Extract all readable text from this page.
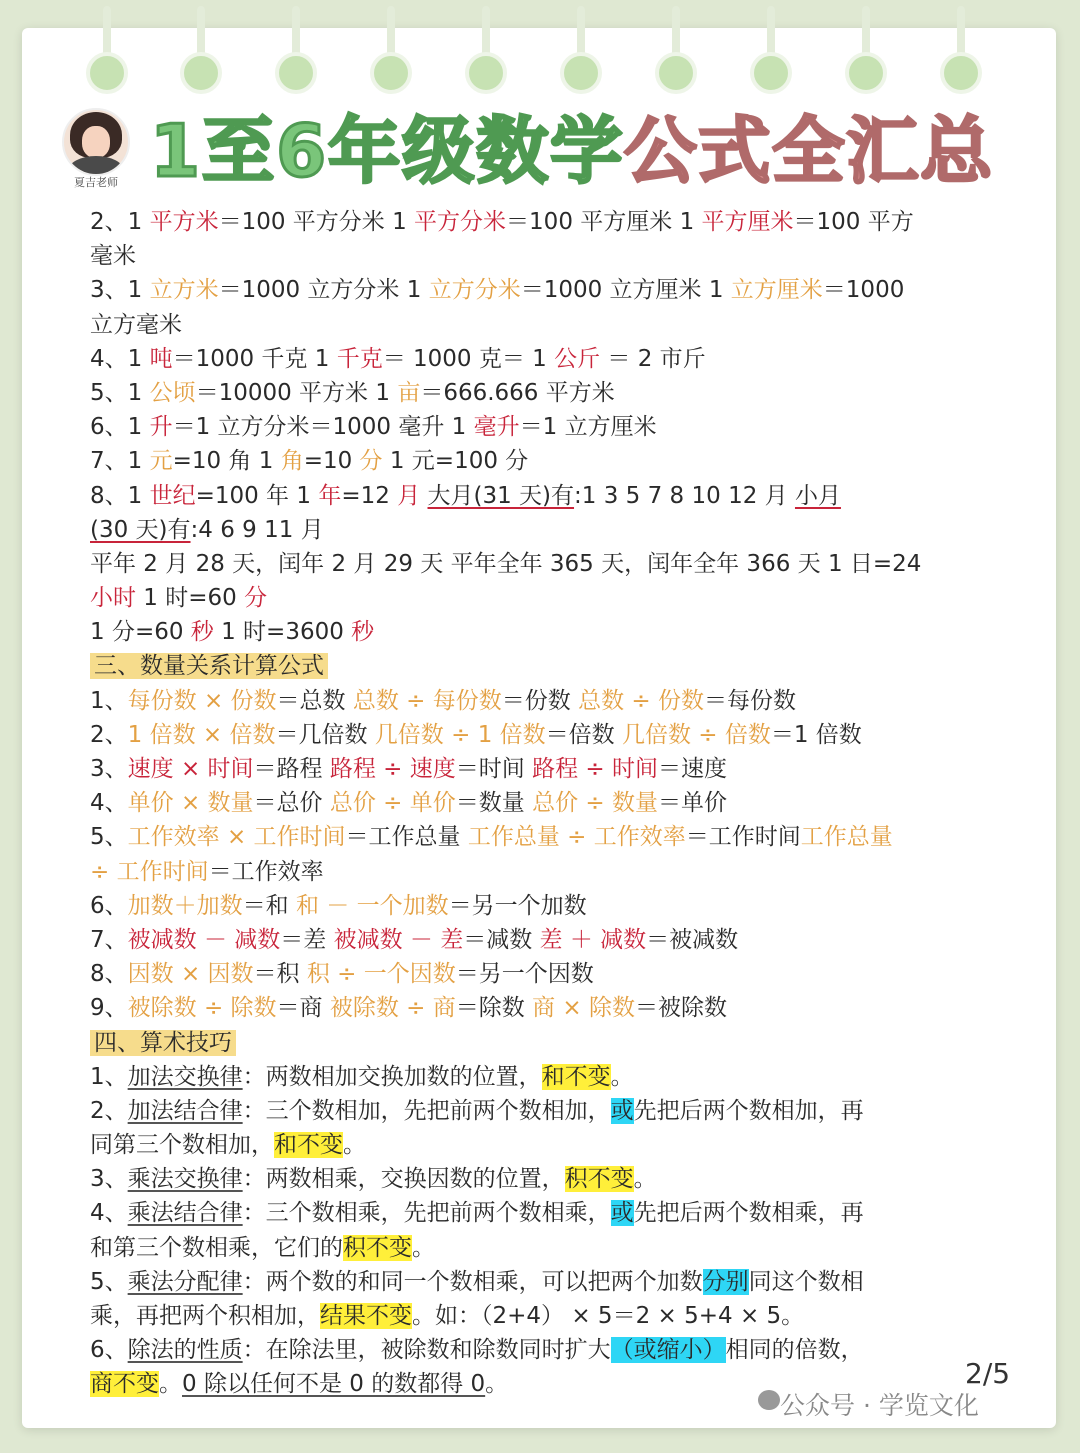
夏吉老师 1至6年级数学公式全汇总
2、1 平方米＝100 平方分米 1 平方分米＝100 平方厘米 1 平方厘米＝100 平方
毫米
3、1 立方米＝1000 立方分米 1 立方分米＝1000 立方厘米 1 立方厘米＝1000
立方毫米
4、1 吨＝1000 千克 1 千克＝ 1000 克＝ 1 公斤 ＝ 2 市斤
5、1 公顷＝10000 平方米 1 亩＝666.666 平方米
6、1 升＝1 立方分米＝1000 毫升 1 毫升＝1 立方厘米
7、1 元=10 角 1 角=10 分 1 元=100 分
8、1 世纪=100 年 1 年=12 月 大月(31 天)有:1 3 5 7 8 10 12 月 小月
(30 天)有:4 6 9 11 月
平年 2 月 28 天，闰年 2 月 29 天 平年全年 365 天，闰年全年 366 天 1 日=24
小时 1 时=60 分
1 分=60 秒 1 时=3600 秒
三、数量关系计算公式
1、每份数 × 份数＝总数 总数 ÷ 每份数＝份数 总数 ÷ 份数＝每份数
2、1 倍数 × 倍数＝几倍数 几倍数 ÷ 1 倍数＝倍数 几倍数 ÷ 倍数＝1 倍数
3、速度 × 时间＝路程 路程 ÷ 速度＝时间 路程 ÷ 时间＝速度
4、单价 × 数量＝总价 总价 ÷ 单价＝数量 总价 ÷ 数量＝单价
5、工作效率 × 工作时间＝工作总量 工作总量 ÷ 工作效率＝工作时间工作总量
÷ 工作时间＝工作效率
6、加数＋加数＝和 和 － 一个加数＝另一个加数
7、被减数 － 减数＝差 被减数 － 差＝减数 差 ＋ 减数＝被减数
8、因数 × 因数＝积 积 ÷ 一个因数＝另一个因数
9、被除数 ÷ 除数＝商 被除数 ÷ 商＝除数 商 × 除数＝被除数
四、算术技巧
1、加法交换律：两数相加交换加数的位置，和不变。
2、加法结合律：三个数相加，先把前两个数相加，或先把后两个数相加，再
同第三个数相加，和不变。
3、乘法交换律：两数相乘，交换因数的位置，积不变。
4、乘法结合律：三个数相乘，先把前两个数相乘，或先把后两个数相乘，再
和第三个数相乘，它们的积不变。
5、乘法分配律：两个数的和同一个数相乘，可以把两个加数分别同这个数相
乘，再把两个积相加，结果不变。如：（2+4） × 5＝2 × 5+4 × 5。
6、除法的性质：在除法里，被除数和除数同时扩大（或缩小）相同的倍数，
商不变。0 除以任何不是 0 的数都得 0。	2/5
公众号 · 学览文化
